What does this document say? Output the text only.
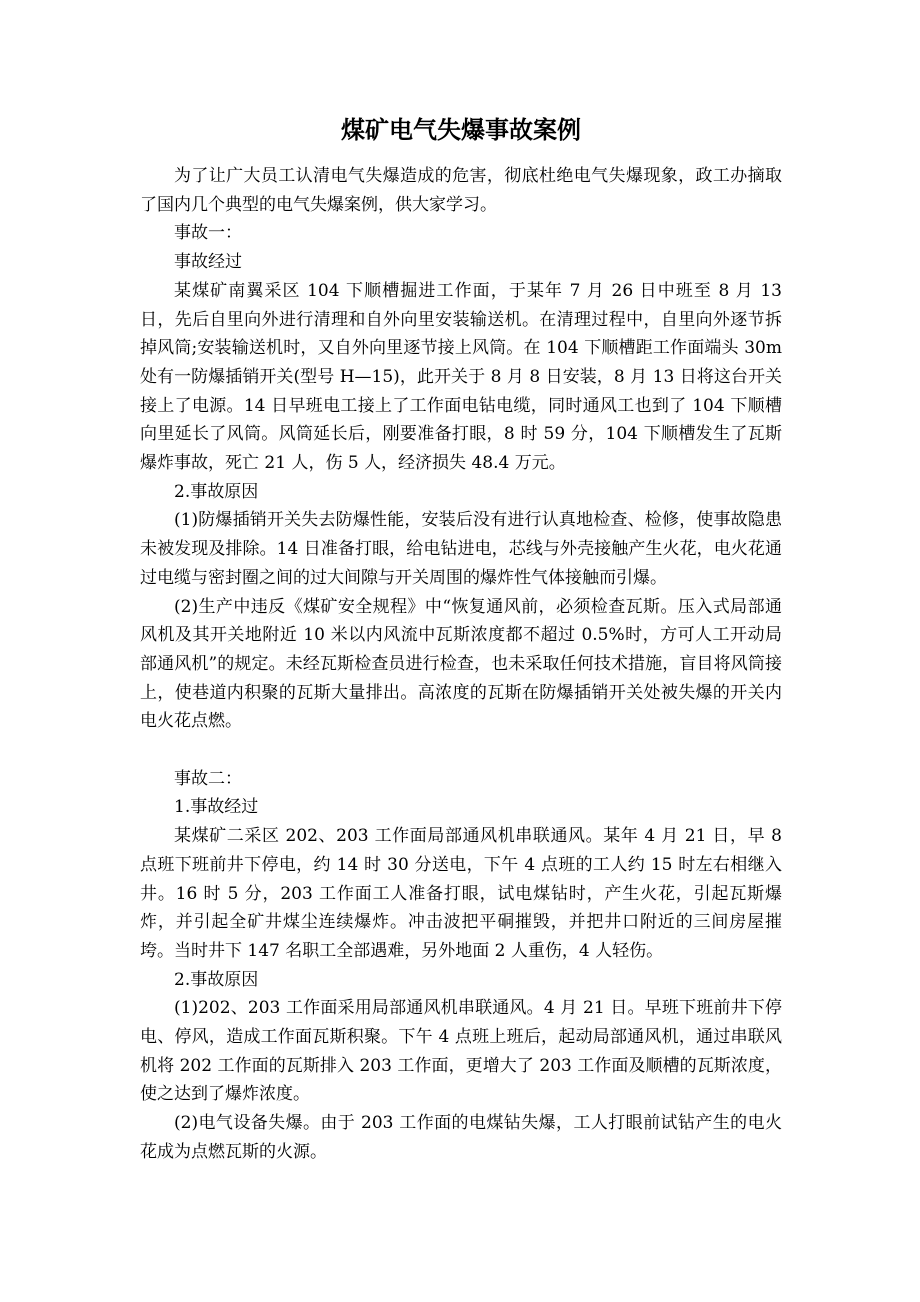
煤矿电气失爆事故案例

为了让广大员工认清电气失爆造成的危害，彻底杜绝电气失爆现象，政工办摘取了国内几个典型的电气失爆案例，供大家学习。

事故一：

事故经过

某煤矿南翼采区 104 下顺槽掘进工作面，于某年 7 月 26 日中班至 8 月 13 日，先后自里向外进行清理和自外向里安装输送机。在清理过程中，自里向外逐节拆掉风筒;安装输送机时，又自外向里逐节接上风筒。在 104 下顺槽距工作面端头 30m 处有一防爆插销开关(型号 H—15)，此开关于 8 月 8 日安装，8 月 13 日将这台开关接上了电源。14 日早班电工接上了工作面电钻电缆，同时通风工也到了 104 下顺槽向里延长了风筒。风筒延长后，刚要准备打眼，8 时 59 分，104 下顺槽发生了瓦斯爆炸事故，死亡 21 人，伤 5 人，经济损失 48.4 万元。

2.事故原因

(1)防爆插销开关失去防爆性能，安装后没有进行认真地检查、检修，使事故隐患未被发现及排除。14 日准备打眼，给电钻进电，芯线与外壳接触产生火花，电火花通过电缆与密封圈之间的过大间隙与开关周围的爆炸性气体接触而引爆。

(2)生产中违反《煤矿安全规程》中“恢复通风前，必须检查瓦斯。压入式局部通风机及其开关地附近 10 米以内风流中瓦斯浓度都不超过 0.5%时，方可人工开动局部通风机”的规定。未经瓦斯检查员进行检查，也未采取任何技术措施，盲目将风筒接上，使巷道内积聚的瓦斯大量排出。高浓度的瓦斯在防爆插销开关处被失爆的开关内电火花点燃。

事故二：

1.事故经过

某煤矿二采区 202、203 工作面局部通风机串联通风。某年 4 月 21 日，早 8 点班下班前井下停电，约 14 时 30 分送电，下午 4 点班的工人约 15 时左右相继入井。16 时 5 分，203 工作面工人准备打眼，试电煤钻时，产生火花，引起瓦斯爆炸，并引起全矿井煤尘连续爆炸。冲击波把平硐摧毁，并把井口附近的三间房屋摧垮。当时井下 147 名职工全部遇难，另外地面 2 人重伤，4 人轻伤。

2.事故原因

(1)202、203 工作面采用局部通风机串联通风。4 月 21 日。早班下班前井下停电、停风，造成工作面瓦斯积聚。下午 4 点班上班后，起动局部通风机，通过串联风机将 202 工作面的瓦斯排入 203 工作面，更增大了 203 工作面及顺槽的瓦斯浓度，使之达到了爆炸浓度。

(2)电气设备失爆。由于 203 工作面的电煤钻失爆，工人打眼前试钻产生的电火花成为点燃瓦斯的火源。
